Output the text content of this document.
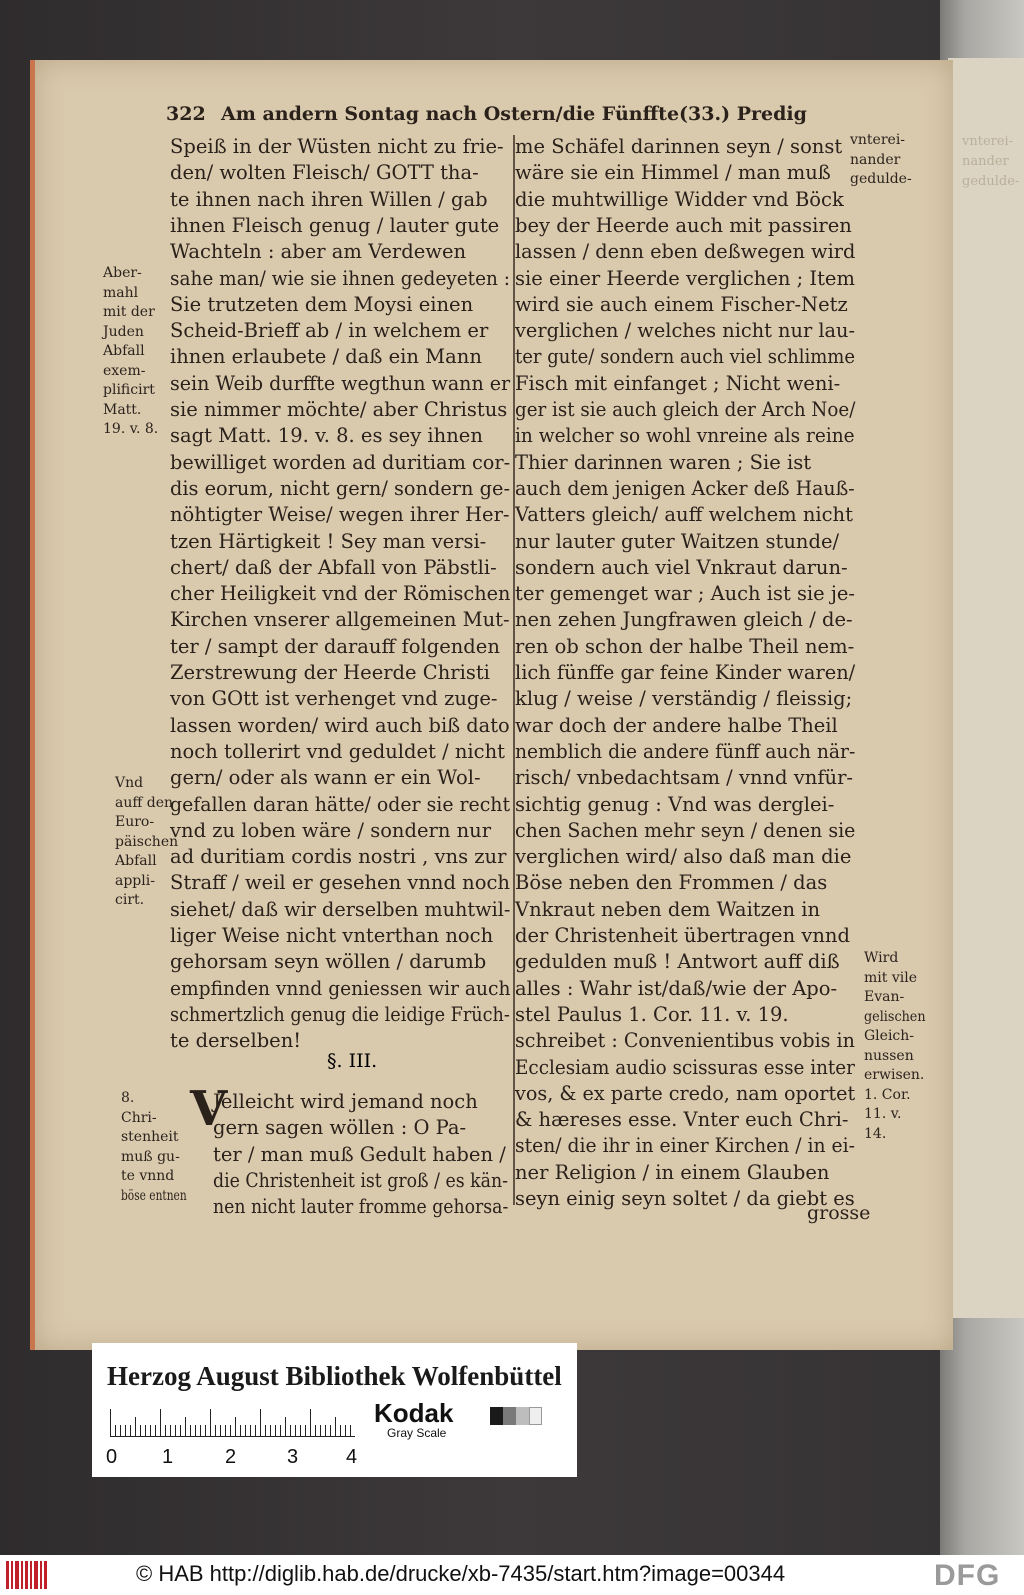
vnterei-
nander
gedulde-
322 Am andern Sontag nach Ostern/die Fünffte(33.) Predig
Speiß in der Wüsten nicht zu frie-
den/ wolten Fleisch/ GOTT tha-
te ihnen nach ihren Willen / gab
ihnen Fleisch genug / lauter gute
Wachteln : aber am Verdewen
sahe man/ wie sie ihnen gedeyeten :
Sie trutzeten dem Moysi einen
Scheid-Brieff ab / in welchem er
ihnen erlaubete / daß ein Mann
sein Weib durffte wegthun wann er
sie nimmer möchte/ aber Christus
sagt Matt. 19. v. 8. es sey ihnen
bewilliget worden ad duritiam cor-
dis eorum, nicht gern/ sondern ge-
nöhtigter Weise/ wegen ihrer Her-
tzen Härtigkeit ! Sey man versi-
chert/ daß der Abfall von Päbstli-
cher Heiligkeit vnd der Römischen
Kirchen vnserer allgemeinen Mut-
ter / sampt der darauff folgenden
Zerstrewung der Heerde Christi
von GOtt ist verhenget vnd zuge-
lassen worden/ wird auch biß dato
noch tollerirt vnd geduldet / nicht
gern/ oder als wann er ein Wol-
gefallen daran hätte/ oder sie recht
vnd zu loben wäre / sondern nur
ad duritiam cordis nostri , vns zur
Straff / weil er gesehen vnnd noch
siehet/ daß wir derselben muhtwil-
liger Weise nicht vnterthan noch
gehorsam seyn wöllen / darumb
empfinden vnnd geniessen wir auch
schmertzlich genug die leidige Früch-
te derselben!
§. III.
V
Jelleicht wird jemand noch
gern sagen wöllen : O Pa-
ter / man muß Gedult haben /
die Christenheit ist groß / es kän-
nen nicht lauter fromme gehorsa-
me Schäfel darinnen seyn / sonst
wäre sie ein Himmel / man muß
die muhtwillige Widder vnd Böck
bey der Heerde auch mit passiren
lassen / denn eben deßwegen wird
sie einer Heerde verglichen ; Item
wird sie auch einem Fischer-Netz
verglichen / welches nicht nur lau-
ter gute/ sondern auch viel schlimme
Fisch mit einfanget ; Nicht weni-
ger ist sie auch gleich der Arch Noe/
in welcher so wohl vnreine als reine
Thier darinnen waren ; Sie ist
auch dem jenigen Acker deß Hauß-
Vatters gleich/ auff welchem nicht
nur lauter guter Waitzen stunde/
sondern auch viel Vnkraut darun-
ter gemenget war ; Auch ist sie je-
nen zehen Jungfrawen gleich / de-
ren ob schon der halbe Theil nem-
lich fünffe gar feine Kinder waren/
klug / weise / verständig / fleissig;
war doch der andere halbe Theil
nemblich die andere fünff auch när-
risch/ vnbedachtsam / vnnd vnfür-
sichtig genug : Vnd was derglei-
chen Sachen mehr seyn / denen sie
verglichen wird/ also daß man die
Böse neben den Frommen / das
Vnkraut neben dem Waitzen in
der Christenheit übertragen vnnd
gedulden muß ! Antwort auff diß
alles : Wahr ist/daß/wie der Apo-
stel Paulus 1. Cor. 11. v. 19.
schreibet : Convenientibus vobis in
Ecclesiam audio scissuras esse inter
vos, & ex parte credo, nam oportet
& hæreses esse. Vnter euch Chri-
sten/ die ihr in einer Kirchen / in ei-
ner Religion / in einem Glauben
seyn einig seyn soltet / da giebt es
grosse
Aber-
mahl
mit der
Juden
Abfall
exem-
plificirt
Matt.
19. v. 8.
Vnd
auff den
Euro-
päischen
Abfall
appli-
cirt.
8.
Chri-
stenheit
muß gu-
te vnnd
böse entnen
vnterei-
nander
gedulde-
Wird
mit vile
Evan-
gelischen
Gleich-
nussen
erwisen.
1. Cor.
11. v.
14.
Herzog August Bibliothek Wolfenbüttel
0 1	2	3 4
Kodak
Gray Scale
© HAB http://diglib.hab.de/drucke/xb-7435/start.htm?image=00344	DFG
